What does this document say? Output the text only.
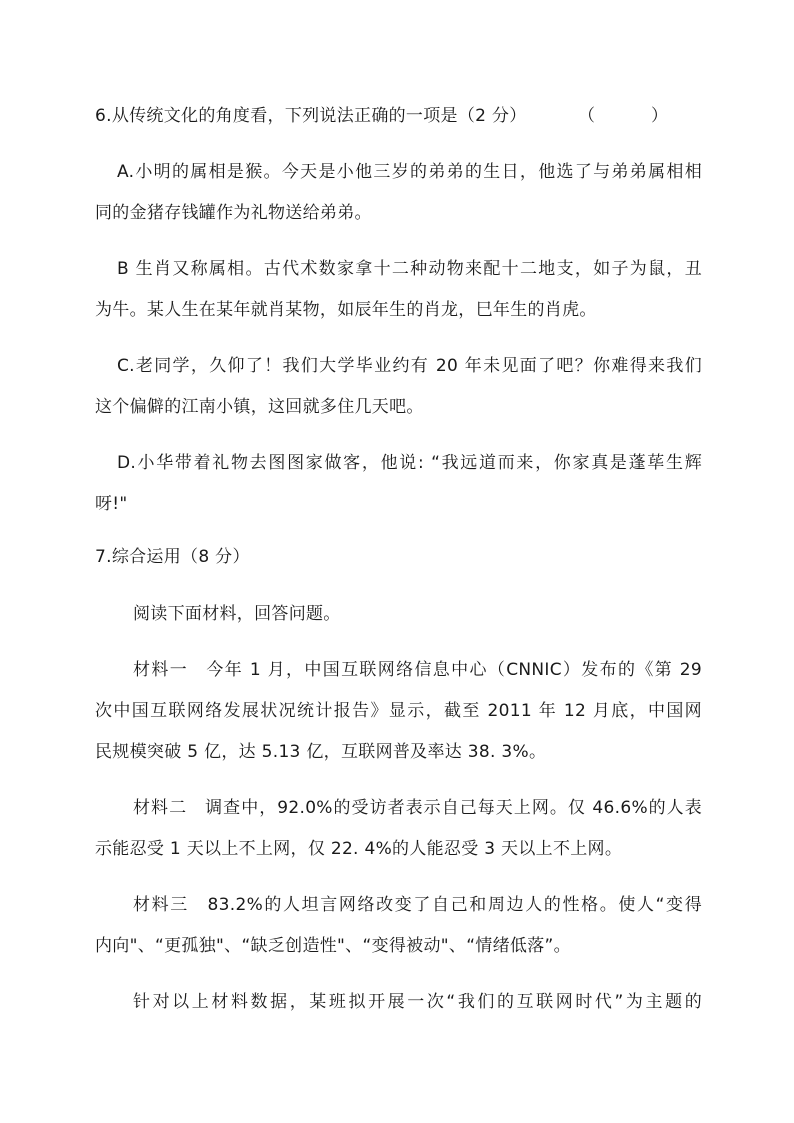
6.从传统文化的角度看，下列说法正确的一项是（2 分）	（ ）
A.小明的属相是猴。今天是小他三岁的弟弟的生日，他选了与弟弟属相相
同的金猪存钱罐作为礼物送给弟弟。
B 生肖又称属相。古代术数家拿十二种动物来配十二地支，如子为鼠，丑
为牛。某人生在某年就肖某物，如辰年生的肖龙，巳年生的肖虎。
C.老同学，久仰了！我们大学毕业约有 20 年未见面了吧？你难得来我们
这个偏僻的江南小镇，这回就多住几天吧。
D.小华带着礼物去图图家做客，他说: “我远道而来，你家真是蓬荜生辉
呀!"
7.综合运用（8 分）
阅读下面材料，回答问题。
材料一　今年 1 月，中国互联网络信息中心（CNNIC）发布的《第 29
次中国互联网络发展状况统计报告》显示，截至 2011 年 12 月底，中国网
民规模突破 5 亿，达 5.13 亿，互联网普及率达 38. 3%。
材料二　调查中，92.0%的受访者表示自己每天上网。仅 46.6%的人表
示能忍受 1 天以上不上网，仅 22. 4%的人能忍受 3 天以上不上网。
材料三　83.2%的人坦言网络改变了自己和周边人的性格。使人“变得
内向"、“更孤独"、“缺乏创造性"、“变得被动"、“情绪低落”。
针对以上材料数据，某班拟开展一次“我们的互联网时代”为主题的
